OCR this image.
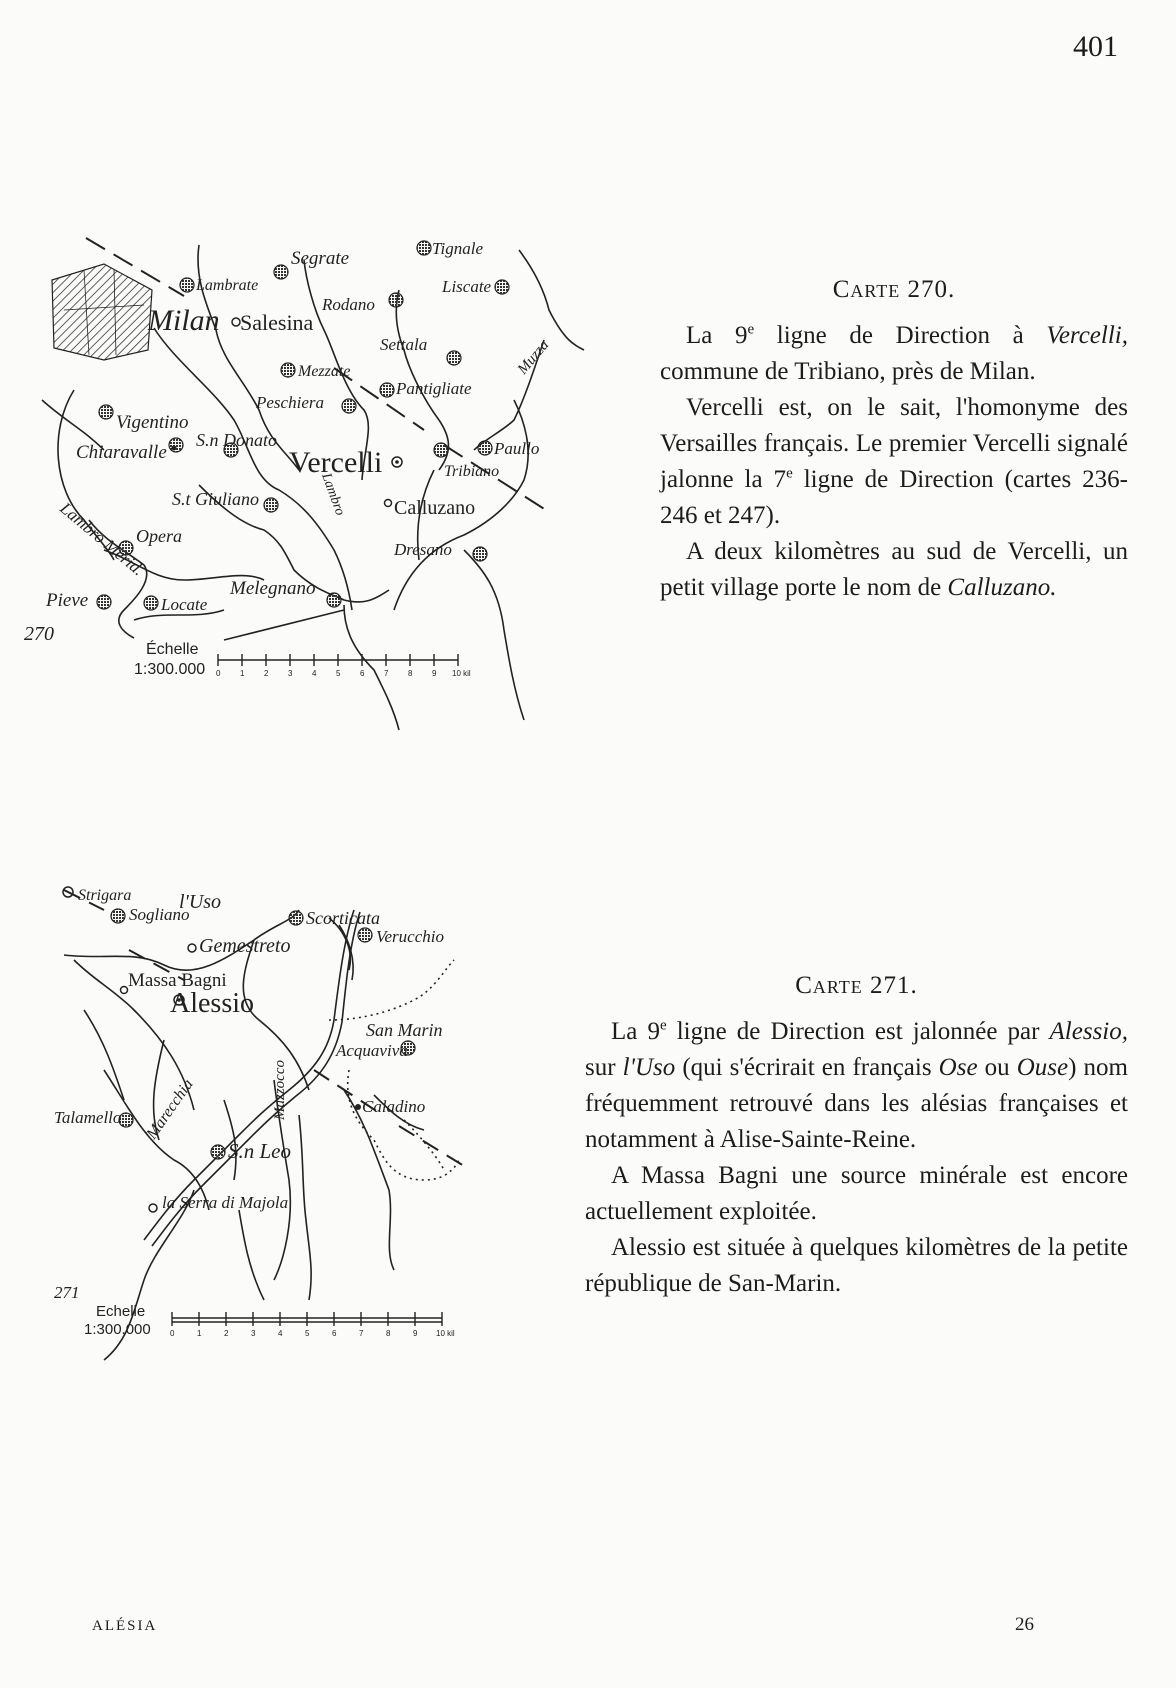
401
Segrate	Tignale
Lambrate
Rodano
Liscate
Milan Salesina
Settala
Mezzate
Pantigliate
Peschiera
Muzza
Vigentino
Chiaravalle
S.n Donato
Vercelli	Paullo
Tribiano
S.t Giuliano	Lambro Calluzano
Lambro Merid.
Opera
Dresano
Pieve	Locate
Melegnano
270
Échelle
1:300.000 0 1 2 3 4 5 6 7 8 9 10 kil
Carte 270.

La 9e ligne de Direction à Vercelli, commune de Tribiano, près de Milan.

Vercelli est, on le sait, l'homonyme des Versailles français. Le premier Vercelli signalé jalonne la 7e ligne de Direction (cartes 236-246 et 247).

A deux kilomètres au sud de Vercelli, un petit village porte le nom de Calluzano.

Sogliano
Strigara l'Uso
Scorticata
Verucchio
Gemestreto
Massa Bagni
Alessio
San Marin
Acquaviva
Marecchia	Mazzocco	Caladino
Talamello
S.n Leo
la Serra di Majola
271
Echelle
1:300.000 0	1	2	3	4	5	6	7	8	9 10 kil
Carte 271.

La 9e ligne de Direction est jalonnée par Alessio, sur l'Uso (qui s'écrirait en français Ose ou Ouse) nom fréquemment retrouvé dans les alésias françaises et notamment à Alise-Sainte-Reine.

A Massa Bagni une source minérale est encore actuellement exploitée.

Alessio est située à quelques kilomètres de la petite république de San-Marin.

ALÉSIA	26
